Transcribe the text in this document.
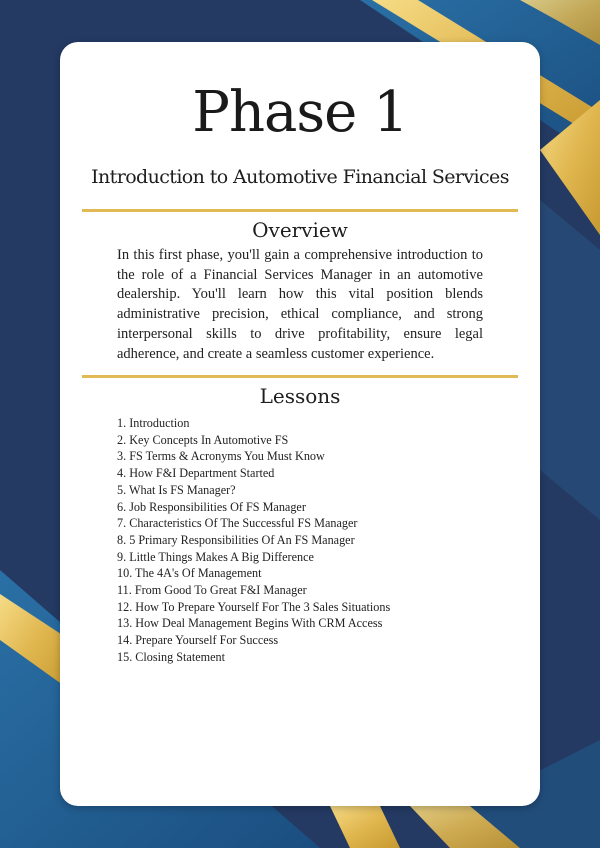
Phase 1
Introduction to Automotive Financial Services
Overview
In this first phase, you'll gain a comprehensive introduction to the role of a Financial Services Manager in an automotive dealership. You'll learn how this vital position blends administrative precision, ethical compliance, and strong interpersonal skills to drive profitability, ensure legal adherence, and create a seamless customer experience.
Lessons
1. Introduction
2. Key Concepts In Automotive FS
3. FS Terms & Acronyms You Must Know
4. How F&I Department Started
5. What Is FS Manager?
6. Job Responsibilities Of FS Manager
7. Characteristics Of The Successful FS Manager
8. 5 Primary Responsibilities Of An FS Manager
9. Little Things Makes A Big Difference
10. The 4A's Of Management
11. From Good To Great F&I Manager
12. How To Prepare Yourself For The 3 Sales Situations
13. How Deal Management Begins With CRM Access
14. Prepare Yourself For Success
15. Closing Statement
